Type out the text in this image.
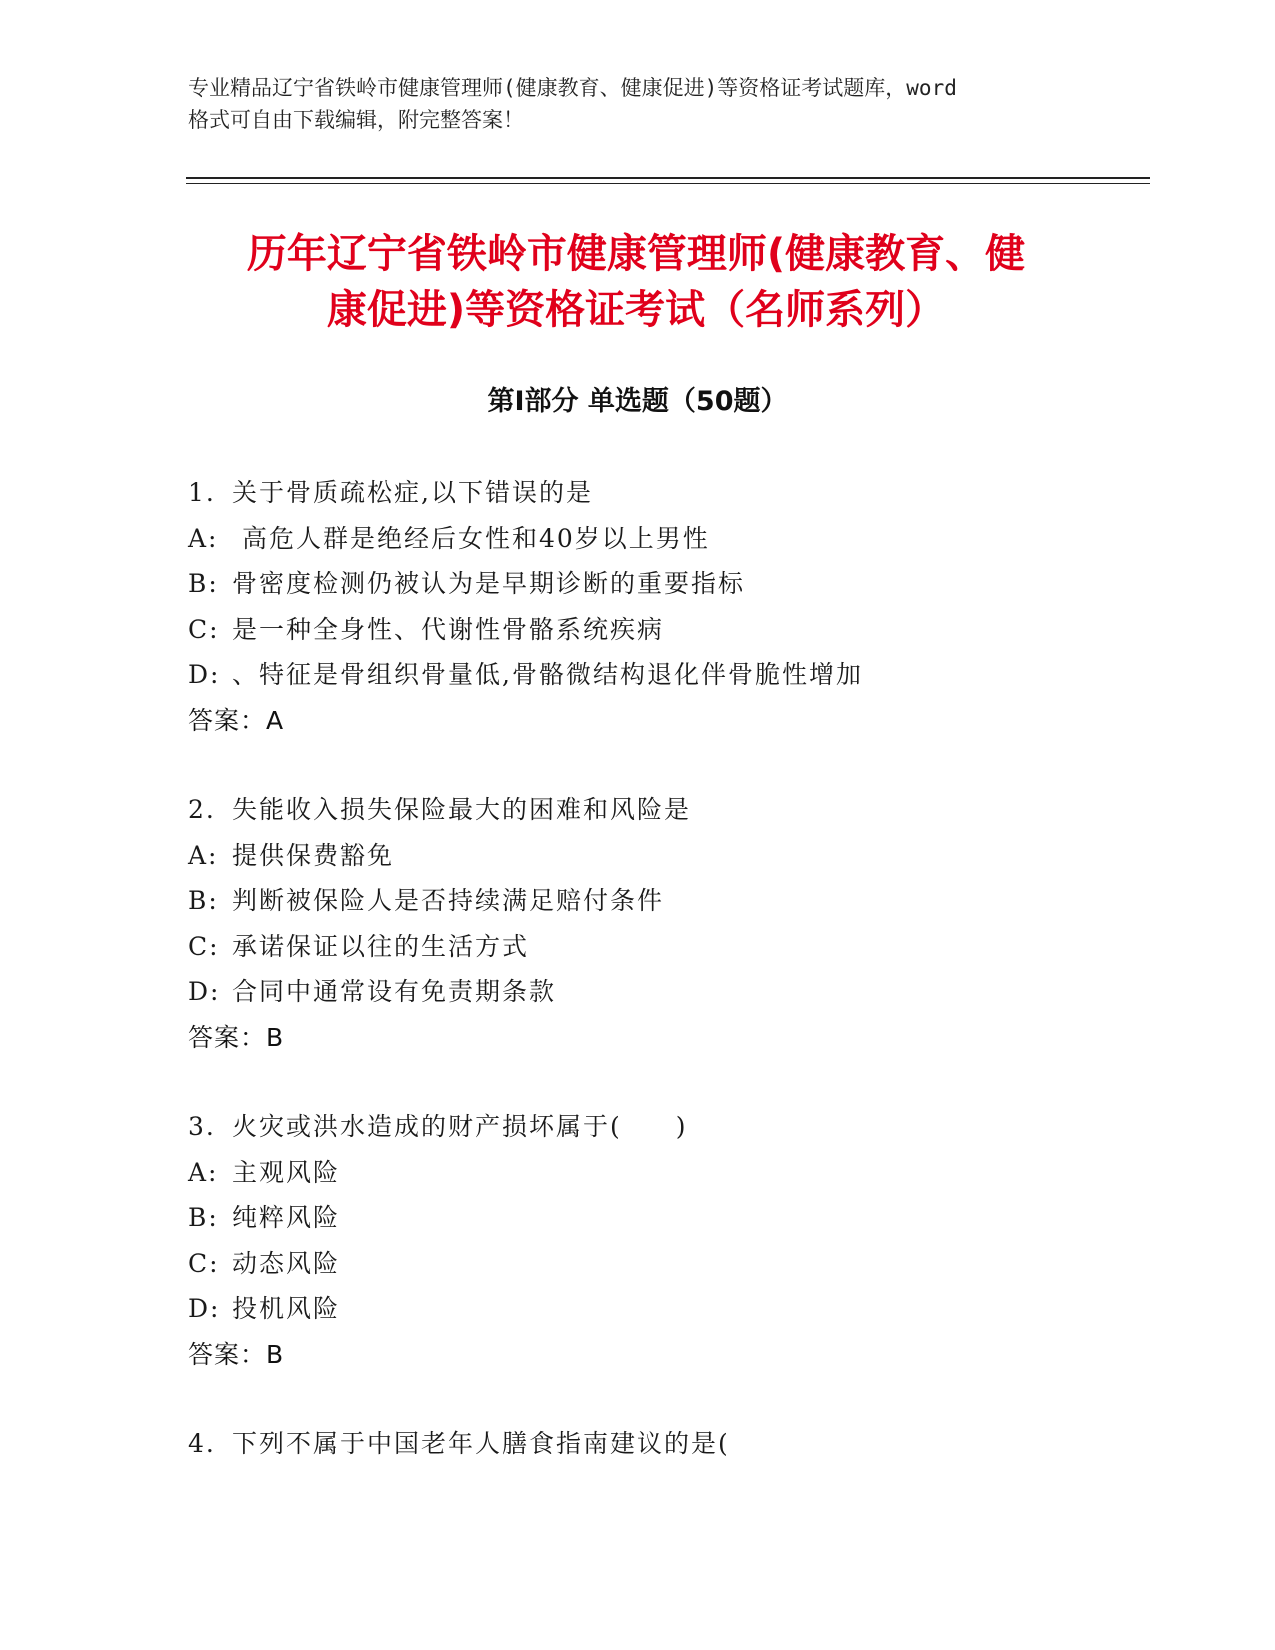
专业精品辽宁省铁岭市健康管理师(健康教育、健康促进)等资格证考试题库，word
格式可自由下载编辑，附完整答案！
历年辽宁省铁岭市健康管理师(健康教育、健
康促进)等资格证考试（名师系列）
第Ⅰ部分 单选题（50题）
1. 关于骨质疏松症,以下错误的是
A: 高危人群是绝经后女性和40岁以上男性
B: 骨密度检测仍被认为是早期诊断的重要指标
C: 是一种全身性、代谢性骨骼系统疾病
D: 、特征是骨组织骨量低,骨骼微结构退化伴骨脆性增加
答案：A
2. 失能收入损失保险最大的困难和风险是
A: 提供保费豁免
B: 判断被保险人是否持续满足赔付条件
C: 承诺保证以往的生活方式
D: 合同中通常设有免责期条款
答案：B
3. 火灾或洪水造成的财产损坏属于(　　)
A: 主观风险
B: 纯粹风险
C: 动态风险
D: 投机风险
答案：B
4. 下列不属于中国老年人膳食指南建议的是(
